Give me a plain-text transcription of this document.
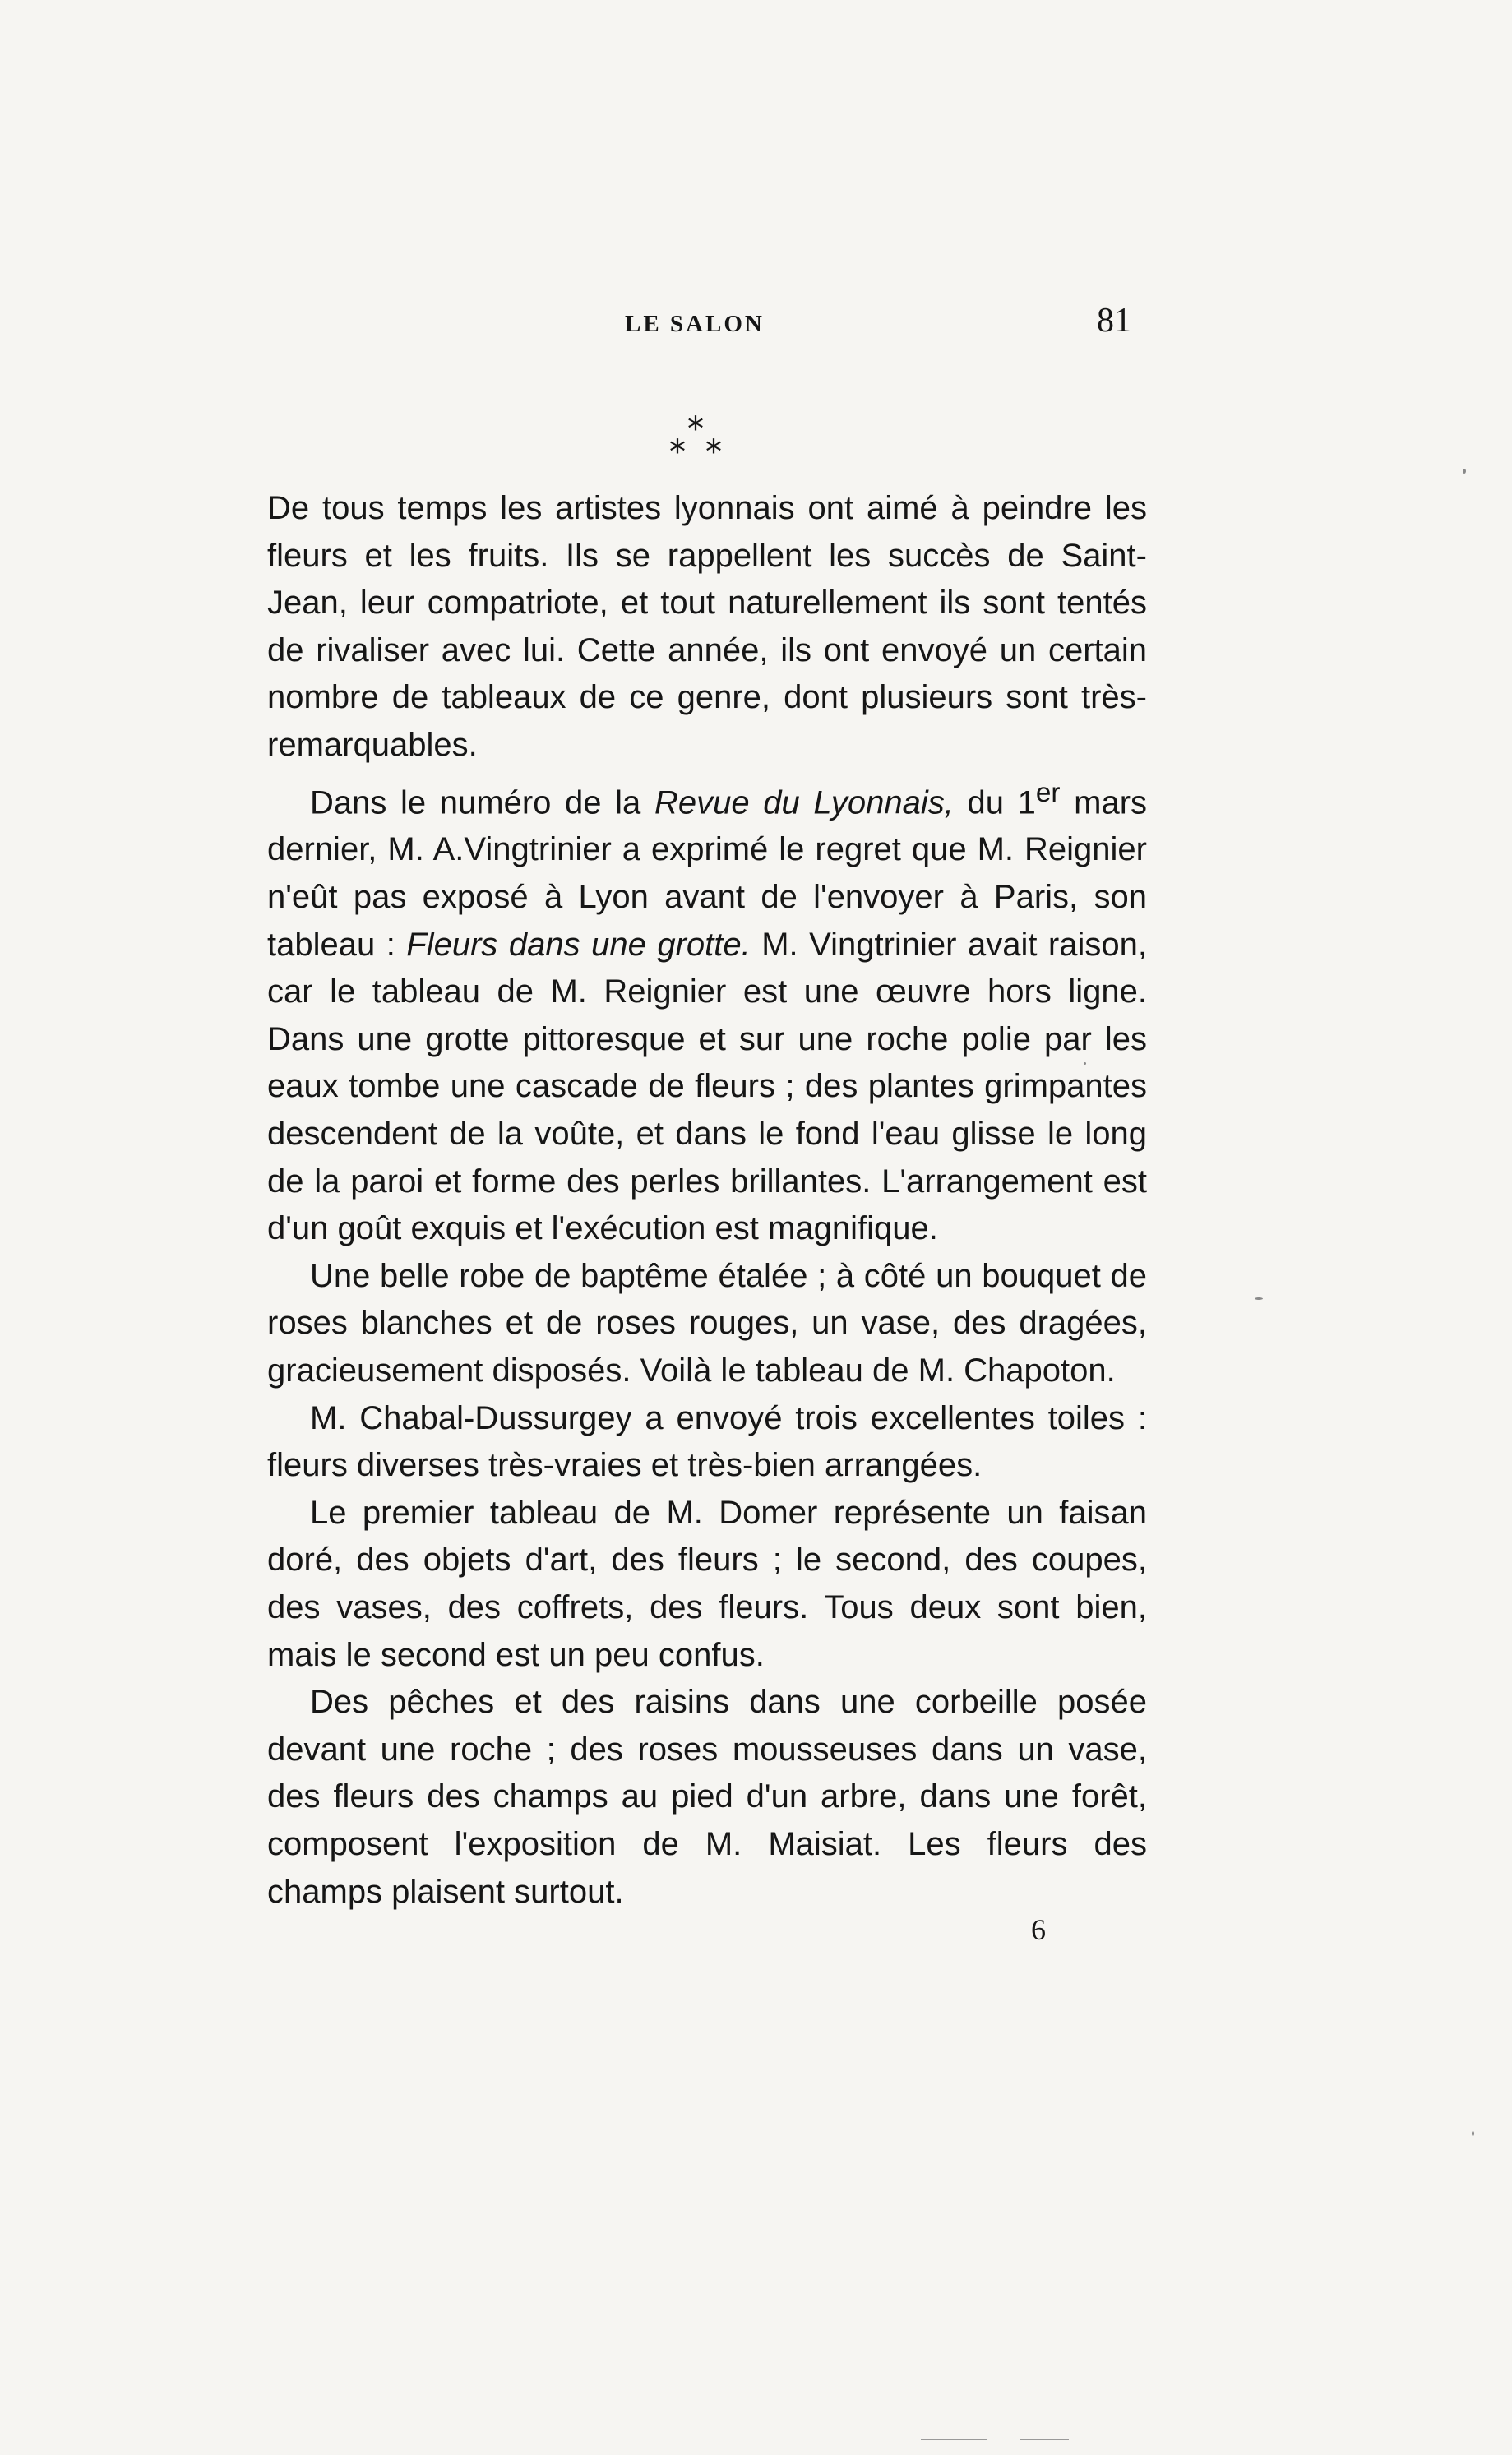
LE SALON	81
*
* *

De tous temps les artistes lyonnais ont aimé à peindre les fleurs et les fruits. Ils se rappellent les succès de Saint-Jean, leur compatriote, et tout naturellement ils sont tentés de rivaliser avec lui. Cette année, ils ont envoyé un certain nombre de tableaux de ce genre, dont plusieurs sont très-remarquables.

Dans le numéro de la Revue du Lyonnais, du 1er mars dernier, M. A.Vingtrinier a exprimé le regret que M. Reignier n'eût pas exposé à Lyon avant de l'envoyer à Paris, son tableau : Fleurs dans une grotte. M. Vingtrinier avait raison, car le tableau de M. Reignier est une œuvre hors ligne. Dans une grotte pittoresque et sur une roche polie par les eaux tombe une cascade de fleurs ; des plantes grimpantes descendent de la voûte, et dans le fond l'eau glisse le long de la paroi et forme des perles brillantes. L'arrangement est d'un goût exquis et l'exécution est magnifique.

Une belle robe de baptême étalée ; à côté un bouquet de roses blanches et de roses rouges, un vase, des dragées, gracieusement disposés. Voilà le tableau de M. Chapoton.

M. Chabal-Dussurgey a envoyé trois excellentes toiles : fleurs diverses très-vraies et très-bien arrangées.

Le premier tableau de M. Domer représente un faisan doré, des objets d'art, des fleurs ; le second, des coupes, des vases, des coffrets, des fleurs. Tous deux sont bien, mais le second est un peu confus.

Des pêches et des raisins dans une corbeille posée devant une roche ; des roses mousseuses dans un vase, des fleurs des champs au pied d'un arbre, dans une forêt, composent l'exposition de M. Maisiat. Les fleurs des champs plaisent surtout.

6
